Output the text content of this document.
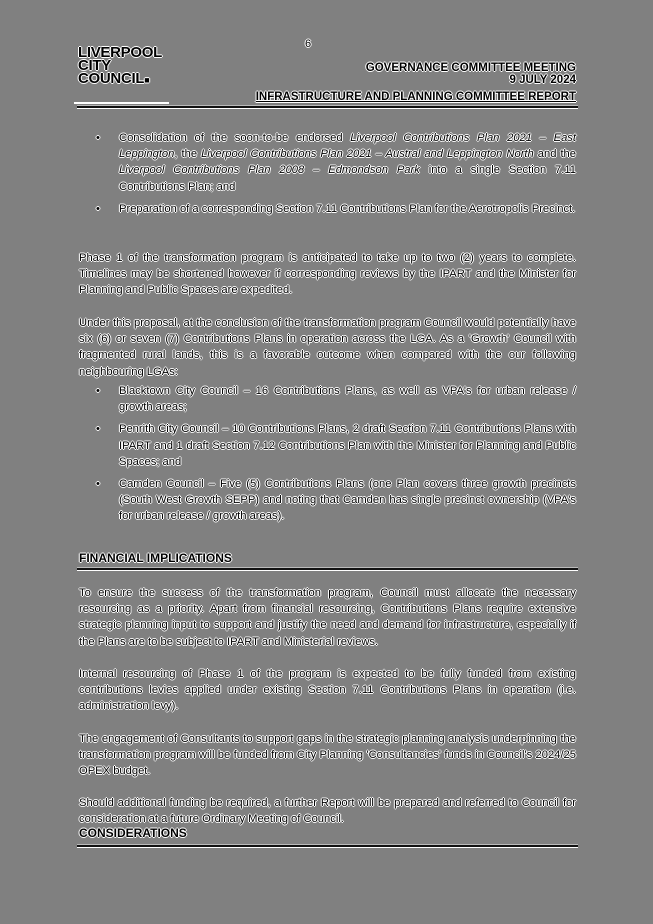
6
LIVERPOOL
CITY
COUNCIL■
GOVERNANCE COMMITTEE MEETING
9 JULY 2024
INFRASTRUCTURE AND PLANNING COMMITTEE REPORT
• Consolidation of the soon-to-be endorsed Liverpool Contributions Plan 2021 – East Leppington, the Liverpool Contributions Plan 2021 – Austral and Leppington North and the Liverpool Contributions Plan 2008 – Edmondson Park into a single Section 7.11 Contributions Plan; and
• Preparation of a corresponding Section 7.11 Contributions Plan for the Aerotropolis Precinct.

Phase 1 of the transformation program is anticipated to take up to two (2) years to complete. Timelines may be shortened however if corresponding reviews by the IPART and the Minister for Planning and Public Spaces are expedited.

Under this proposal, at the conclusion of the transformation program Council would potentially have six (6) or seven (7) Contributions Plans in operation across the LGA. As a 'Growth' Council with fragmented rural lands, this is a favorable outcome when compared with the our following neighbouring LGAs:

• Blacktown City Council – 16 Contributions Plans, as well as VPA's for urban release / growth areas;
• Penrith City Council – 10 Contributions Plans, 2 draft Section 7.11 Contributions Plans with IPART and 1 draft Section 7.12 Contributions Plan with the Minister for Planning and Public Spaces; and
• Camden Council – Five (5) Contributions Plans (one Plan covers three growth precincts (South West Growth SEPP) and noting that Camden has single precinct ownership (VPA's for urban release / growth areas).
FINANCIAL IMPLICATIONS

To ensure the success of the transformation program, Council must allocate the necessary resourcing as a priority. Apart from financial resourcing, Contributions Plans require extensive strategic planning input to support and justify the need and demand for infrastructure, especially if the Plans are to be subject to IPART and Ministerial reviews.

Internal resourcing of Phase 1 of the program is expected to be fully funded from existing contributions levies applied under existing Section 7.11 Contributions Plans in operation (i.e. administration levy).

The engagement of Consultants to support gaps in the strategic planning analysis underpinning the transformation program will be funded from City Planning 'Consultancies' funds in Council's 2024/25 OPEX budget.

Should additional funding be required, a further Report will be prepared and referred to Council for consideration at a future Ordinary Meeting of Council.

CONSIDERATIONS
